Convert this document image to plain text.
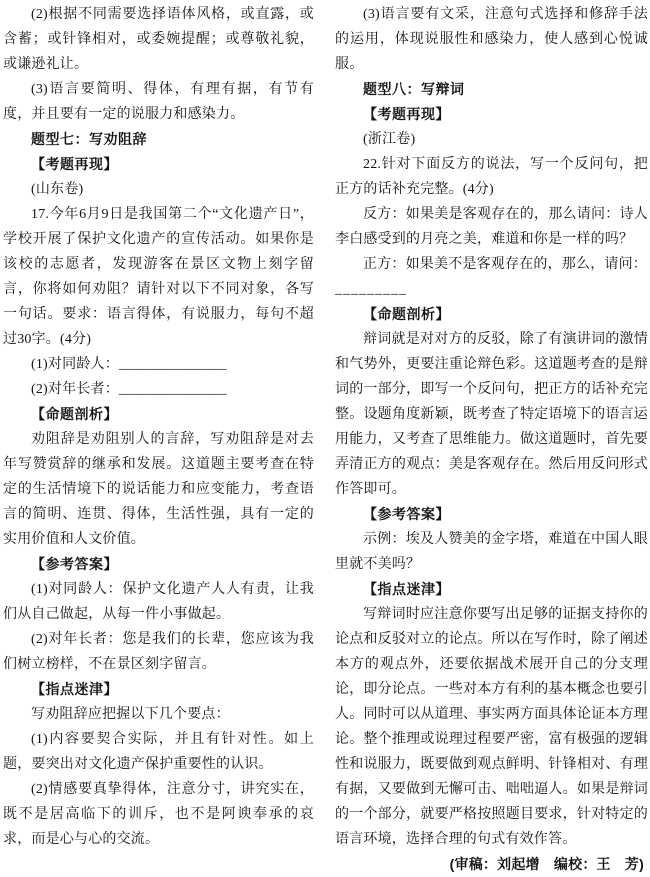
(2)根据不同需要选择语体风格，或直露，或含蓄；或针锋相对，或委婉提醒；或尊敬礼貌，或谦逊礼让。

(3)语言要简明、得体，有理有据，有节有度，并且要有一定的说服力和感染力。

题型七：写劝阻辞

【考题再现】

(山东卷)

17.今年6月9日是我国第二个“文化遗产日”，学校开展了保护文化遗产的宣传活动。如果你是该校的志愿者，发现游客在景区文物上刻字留言，你将如何劝阻？请针对以下不同对象，各写一句话。要求：语言得体，有说服力，每句不超过30字。(4分)

(1)对同龄人：_______________

(2)对年长者：_______________

【命题剖析】

劝阻辞是劝阻别人的言辞，写劝阻辞是对去年写赞赏辞的继承和发展。这道题主要考查在特定的生活情境下的说话能力和应变能力，考查语言的简明、连贯、得体，生活性强，具有一定的实用价值和人文价值。

【参考答案】

(1)对同龄人：保护文化遗产人人有责，让我们从自己做起，从每一件小事做起。

(2)对年长者：您是我们的长辈，您应该为我们树立榜样，不在景区刻字留言。

【指点迷津】

写劝阻辞应把握以下几个要点：

(1)内容要契合实际，并且有针对性。如上题，要突出对文化遗产保护重要性的认识。

(2)情感要真挚得体，注意分寸，讲究实在，既不是居高临下的训斥，也不是阿谀奉承的哀求，而是心与心的交流。

(3)语言要有文采，注意句式选择和修辞手法的运用，体现说服性和感染力，使人感到心悦诚服。

题型八：写辩词

【考题再现】

(浙江卷)

22.针对下面反方的说法，写一个反问句，把正方的话补充完整。(4分)

反方：如果美是客观存在的，那么请问：诗人李白感受到的月亮之美，难道和你是一样的吗？

正方：如果美不是客观存在的，那么，请问：

_________

【命题剖析】

辩词就是对对方的反驳，除了有演讲词的激情和气势外，更要注重论辩色彩。这道题考查的是辩词的一部分，即写一个反问句，把正方的话补充完整。设题角度新颖，既考查了特定语境下的语言运用能力，又考查了思维能力。做这道题时，首先要弄清正方的观点：美是客观存在。然后用反问形式作答即可。

【参考答案】

示例：埃及人赞美的金字塔，难道在中国人眼里就不美吗？

【指点迷津】

写辩词时应注意你要写出足够的证据支持你的论点和反驳对立的论点。所以在写作时，除了阐述本方的观点外，还要依据战术展开自己的分支理论，即分论点。一些对本方有利的基本概念也要引人。同时可以从道理、事实两方面具体论证本方理论。整个推理或说理过程要严密，富有极强的逻辑性和说服力，既要做到观点鲜明、针锋相对、有理有据，又要做到无懈可击、咄咄逼人。如果是辩词的一个部分，就要严格按照题目要求，针对特定的语言环境，选择合理的句式有效作答。

(审稿：刘起增　编校：王　芳)
